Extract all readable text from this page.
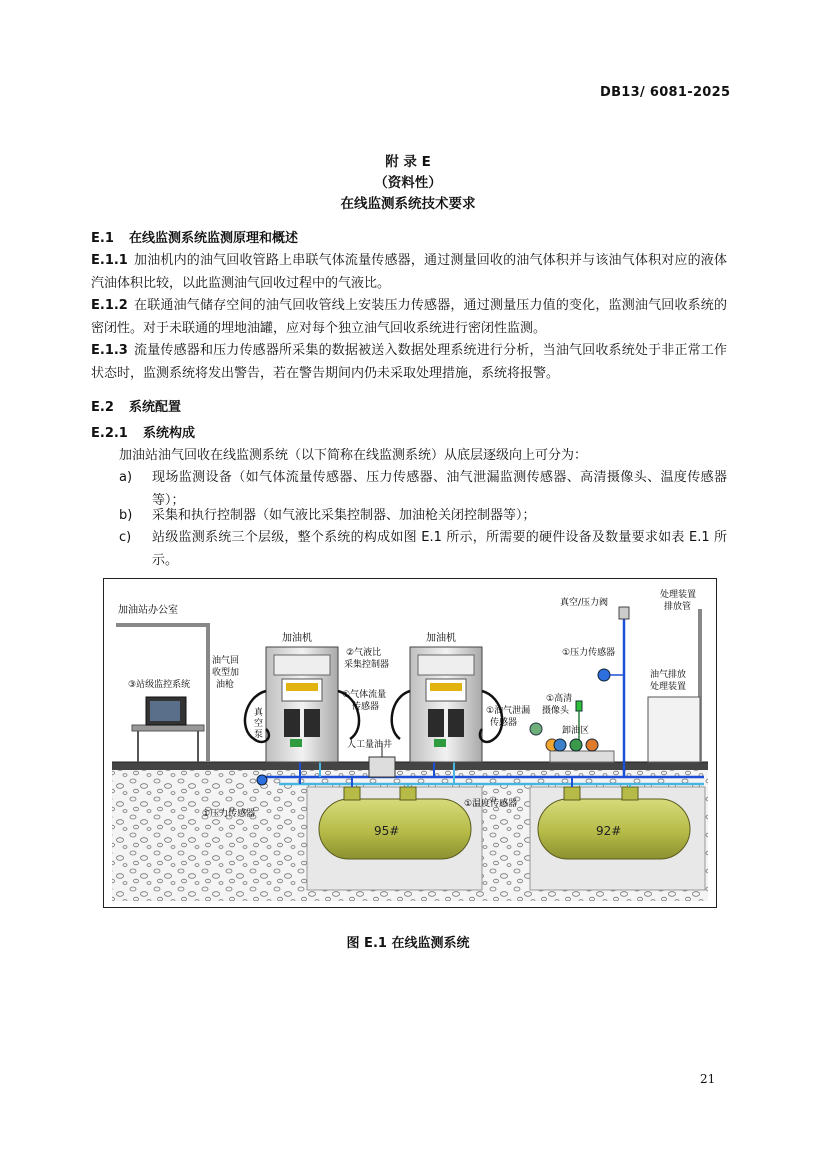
DB13/ 6081-2025
附 录 E
（资料性）
在线监测系统技术要求
E.1 在线监测系统监测原理和概述
E.1.1 加油机内的油气回收管路上串联气体流量传感器，通过测量回收的油气体积并与该油气体积对应的液体汽油体积比较，以此监测油气回收过程中的气液比。
E.1.2 在联通油气储存空间的油气回收管线上安装压力传感器，通过测量压力值的变化，监测油气回收系统的密闭性。对于未联通的埋地油罐，应对每个独立油气回收系统进行密闭性监测。
E.1.3 流量传感器和压力传感器所采集的数据被送入数据处理系统进行分析，当油气回收系统处于非正常工作状态时，监测系统将发出警告，若在警告期间内仍未采取处理措施，系统将报警。
E.2 系统配置
E.2.1 系统构成
加油站油气回收在线监测系统（以下简称在线监测系统）从底层逐级向上可分为：
a) 现场监测设备（如气体流量传感器、压力传感器、油气泄漏监测传感器、高清摄像头、温度传感器等）；
b) 采集和执行控制器（如气液比采集控制器、加油枪关闭控制器等）；
c) 站级监测系统三个层级，整个系统的构成如图 E.1 所示，所需要的硬件设备及数量要求如表 E.1 所示。
加油站办公室
③站级监控系统
加油机	加油机
油气回
收型加
油枪
真
空
泵
②气液比
采集控制器
①气体流量
传感器
人工量油井
①油气泄漏
传感器
①高清
摄像头
卸油区
真空/压力阀
①压力传感器
处理装置
排放管
油气排放
处理装置
①压力传感器
①温度传感器
95#	92#
图 E.1 在线监测系统
21
